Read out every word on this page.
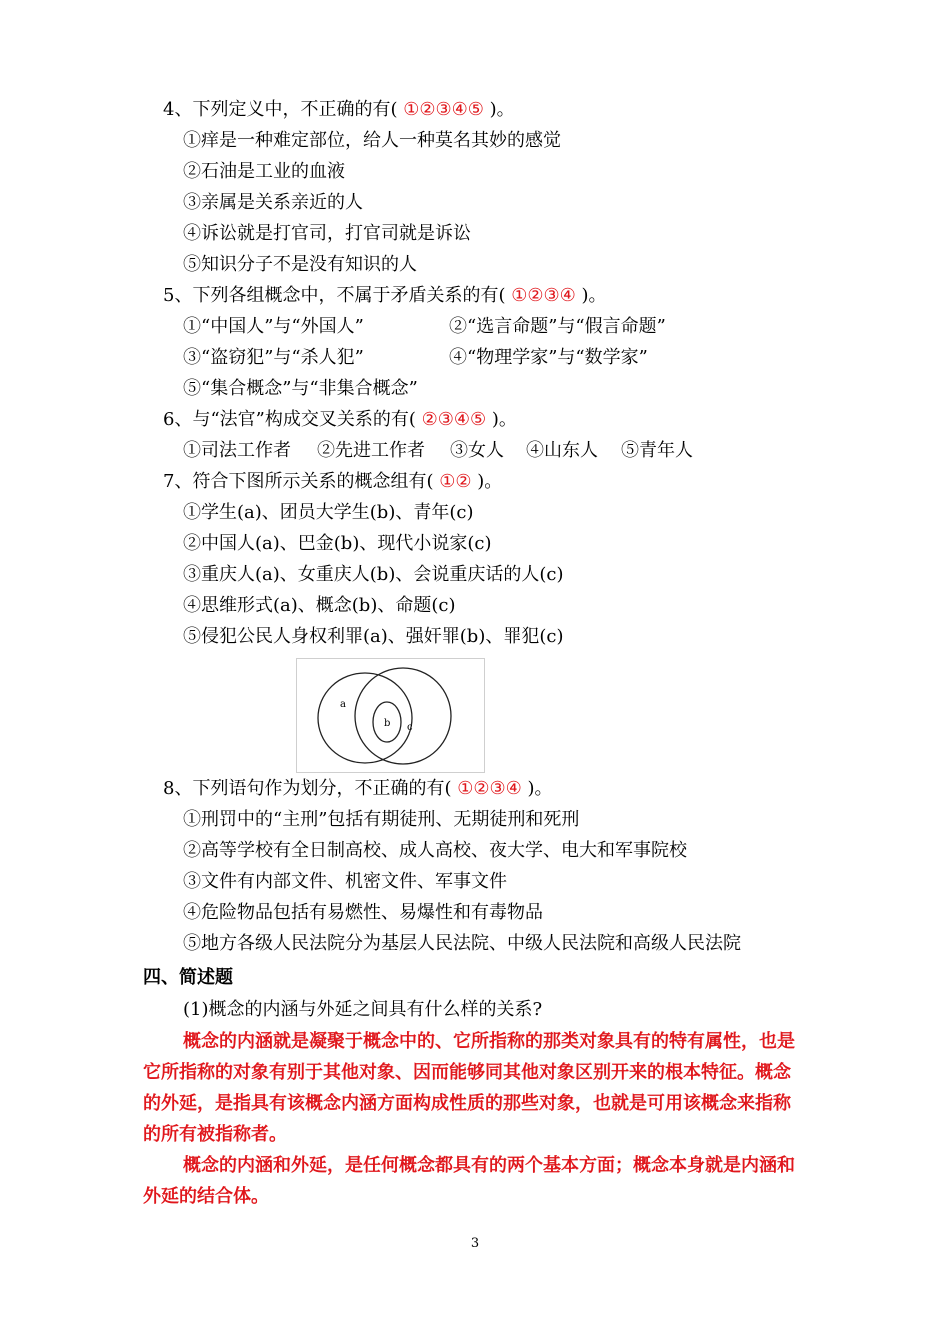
4、下列定义中，不正确的有( ①②③④⑤ )。
①痒是一种难定部位，给人一种莫名其妙的感觉
②石油是工业的血液
③亲属是关系亲近的人
④诉讼就是打官司，打官司就是诉讼
⑤知识分子不是没有知识的人
5、下列各组概念中，不属于矛盾关系的有( ①②③④ )。
①“中国人”与“外国人”	②“选言命题”与“假言命题”
③“盗窃犯”与“杀人犯”	④“物理学家”与“数学家”
⑤“集合概念”与“非集合概念”
6、与“法官”构成交叉关系的有( ②③④⑤ )。
①司法工作者 ②先进工作者 ③女人 ④山东人 ⑤青年人
7、符合下图所示关系的概念组有( ①② )。
①学生(a)、团员大学生(b)、青年(c)
②中国人(a)、巴金(b)、现代小说家(c)
③重庆人(a)、女重庆人(b)、会说重庆话的人(c)
④思维形式(a)、概念(b)、命题(c)
⑤侵犯公民人身权利罪(a)、强奸罪(b)、罪犯(c)
a
b c
8、下列语句作为划分，不正确的有( ①②③④ )。
①刑罚中的“主刑”包括有期徒刑、无期徒刑和死刑
②高等学校有全日制高校、成人高校、夜大学、电大和军事院校
③文件有内部文件、机密文件、军事文件
④危险物品包括有易燃性、易爆性和有毒物品
⑤地方各级人民法院分为基层人民法院、中级人民法院和高级人民法院
四、简述题
(1)概念的内涵与外延之间具有什么样的关系?
概念的内涵就是凝聚于概念中的、它所指称的那类对象具有的特有属性，也是它所指称的对象有别于其他对象、因而能够同其他对象区别开来的根本特征。概念的外延，是指具有该概念内涵方面构成性质的那些对象，也就是可用该概念来指称的所有被指称者。
概念的内涵和外延，是任何概念都具有的两个基本方面；概念本身就是内涵和外延的结合体。
3
